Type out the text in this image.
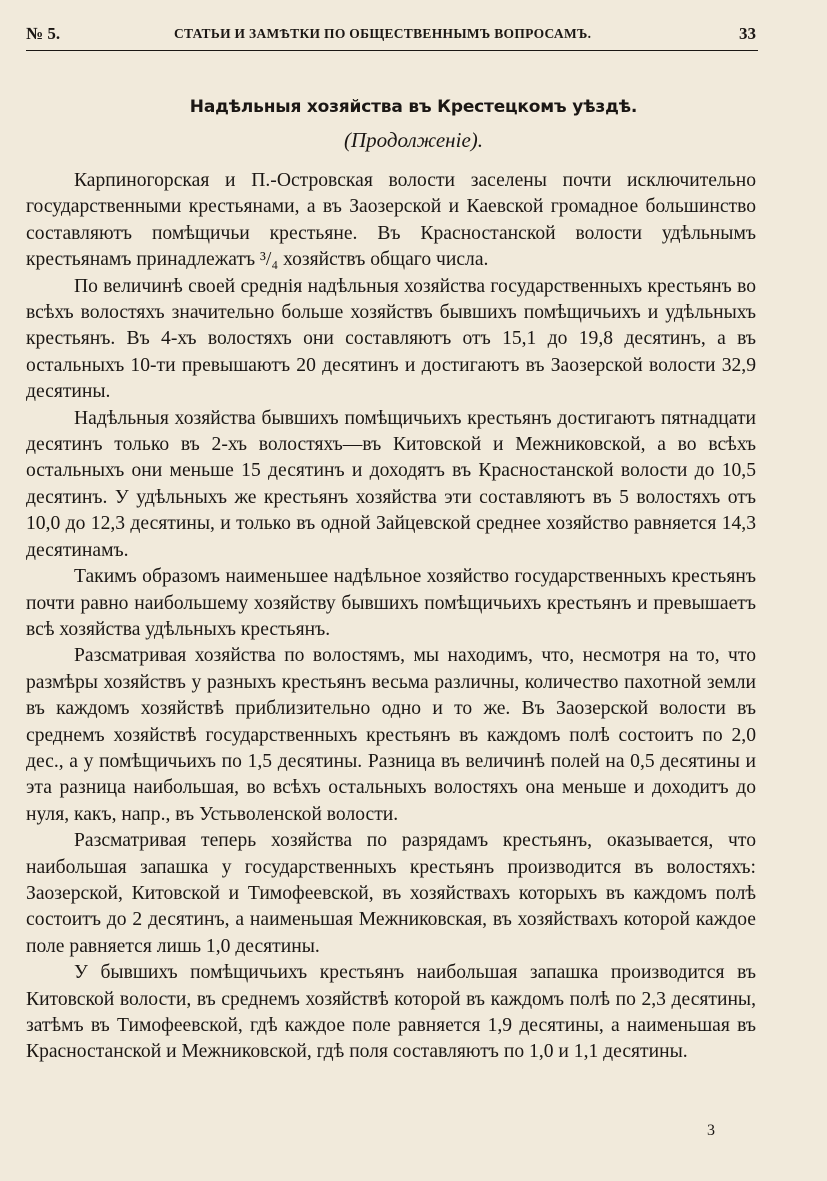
№ 5.	СТАТЬИ И ЗАМѢТКИ ПО ОБЩЕСТВЕННЫМЪ ВОПРОСАМЪ.	33
Надѣльныя хозяйства въ Крестецкомъ уѣздѣ.
(Продолженіе).

Карпиногорская и П.-Островская волости заселены почти исключительно государственными крестьянами, а въ Заозерской и Каевской громадное большинство составляютъ помѣщичьи крестьяне. Въ Красностанской волости удѣльнымъ крестьянамъ принадлежатъ ³/₄ хозяйствъ общаго числа.

По величинѣ своей среднія надѣльныя хозяйства государственныхъ крестьянъ во всѣхъ волостяхъ значительно больше хозяйствъ бывшихъ помѣщичьихъ и удѣльныхъ крестьянъ. Въ 4-хъ волостяхъ они составляютъ отъ 15,1 до 19,8 десятинъ, а въ остальныхъ 10-ти превышаютъ 20 десятинъ и достигаютъ въ Заозерской волости 32,9 десятины.

Надѣльныя хозяйства бывшихъ помѣщичьихъ крестьянъ достигаютъ пятнадцати десятинъ только въ 2-хъ волостяхъ—въ Китовской и Межниковской, а во всѣхъ остальныхъ они меньше 15 десятинъ и доходятъ въ Красностанской волости до 10,5 десятинъ. У удѣльныхъ же крестьянъ хозяйства эти составляютъ въ 5 волостяхъ отъ 10,0 до 12,3 десятины, и только въ одной Зайцевской среднее хозяйство равняется 14,3 десятинамъ.

Такимъ образомъ наименьшее надѣльное хозяйство государственныхъ крестьянъ почти равно наибольшему хозяйству бывшихъ помѣщичьихъ крестьянъ и превышаетъ всѣ хозяйства удѣльныхъ крестьянъ.

Разсматривая хозяйства по волостямъ, мы находимъ, что, несмотря на то, что размѣры хозяйствъ у разныхъ крестьянъ весьма различны, количество пахотной земли въ каждомъ хозяйствѣ приблизительно одно и то же. Въ Заозерской волости въ среднемъ хозяйствѣ государственныхъ крестьянъ въ каждомъ полѣ состоитъ по 2,0 дес., а у помѣщичьихъ по 1,5 десятины. Разница въ величинѣ полей на 0,5 десятины и эта разница наибольшая, во всѣхъ остальныхъ волостяхъ она меньше и доходитъ до нуля, какъ, напр., въ Устьволенской волости.

Разсматривая теперь хозяйства по разрядамъ крестьянъ, оказывается, что наибольшая запашка у государственныхъ крестьянъ производится въ волостяхъ: Заозерской, Китовской и Тимофеевской, въ хозяйствахъ которыхъ въ каждомъ полѣ состоитъ до 2 десятинъ, а наименьшая Межниковская, въ хозяйствахъ которой каждое поле равняется лишь 1,0 десятины.

У бывшихъ помѣщичьихъ крестьянъ наибольшая запашка производится въ Китовской волости, въ среднемъ хозяйствѣ которой въ каждомъ полѣ по 2,3 десятины, затѣмъ въ Тимофеевской, гдѣ каждое поле равняется 1,9 десятины, а наименьшая въ Красностанской и Межниковской, гдѣ поля составляютъ по 1,0 и 1,1 десятины.

3
